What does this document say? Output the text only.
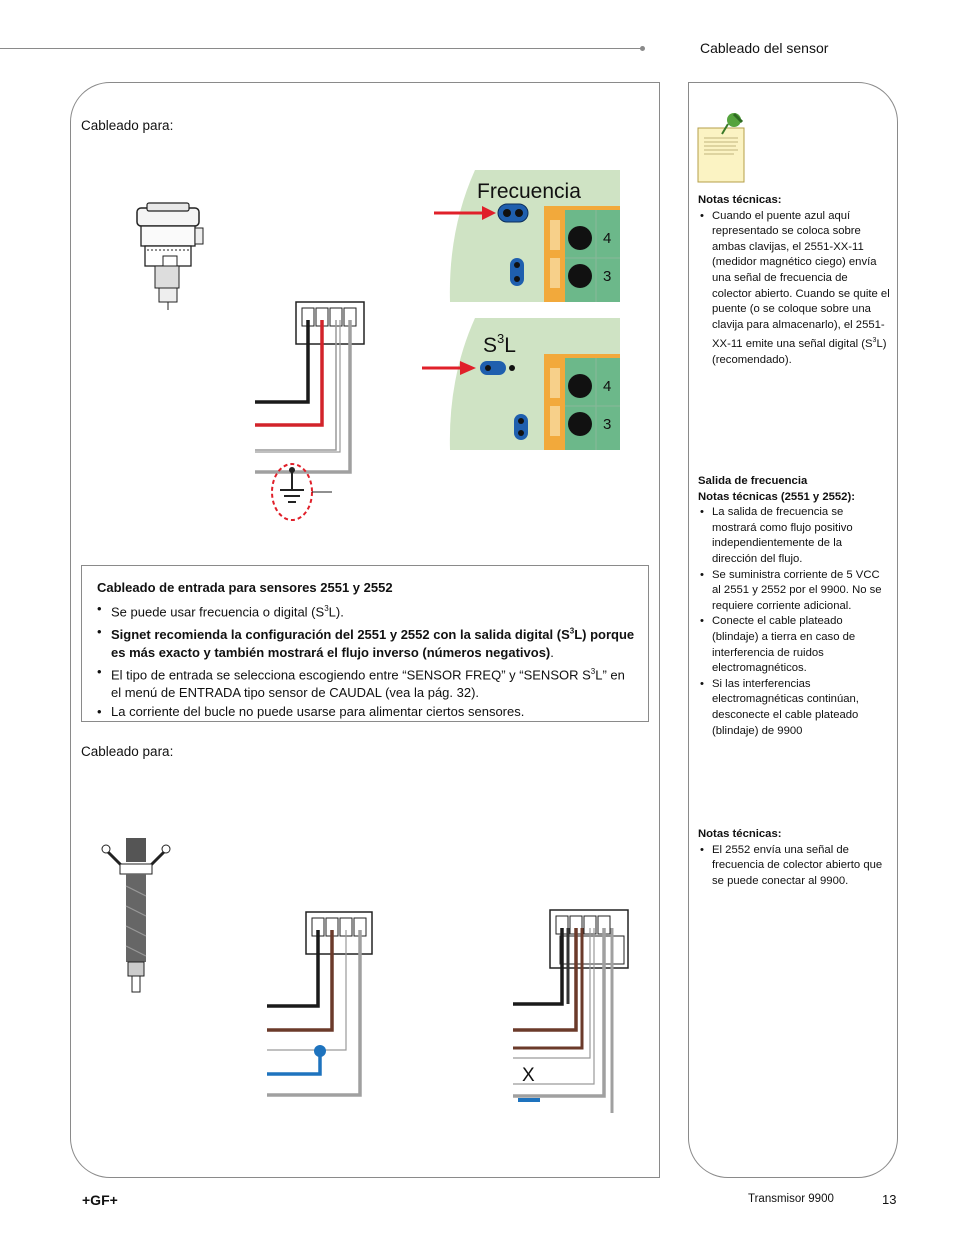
Cableado del sensor
Cableado para:
Frecuencia
4
3
$S^3L$
4
3
Cableado de entrada para sensores 2551 y 2552
• Se puede usar frecuencia o digital $(S^3L)$.
• Signet recomienda la configuración del 2551 y 2552 con la salida digital $(S^3L)$ porque es más exacto y también mostrará el flujo inverso (números negativos).
• El tipo de entrada se selecciona escogiendo entre “SENSOR FREQ” y “SENSOR $S^3L$” en el menú de ENTRADA tipo sensor de CAUDAL (vea la pág. 32).
• La corriente del bucle no puede usarse para alimentar ciertos sensores.
Cableado para:
X
Notas técnicas:
• Cuando el puente azul aquí representado se coloca sobre ambas clavijas, el 2551-XX-11 (medidor magnético ciego) envía una señal de frecuencia de colector abierto. Cuando se quite el puente (o se coloque sobre una clavija para almacenarlo), el 2551-XX-11 emite una señal digital $(S^3L)$ (recomendado).
Salida de frecuencia
Notas técnicas (2551 y 2552):
• La salida de frecuencia se mostrará como flujo positivo independientemente de la dirección del flujo.
• Se suministra corriente de 5 VCC al 2551 y 2552 por el 9900. No se requiere corriente adicional.
• Conecte el cable plateado (blindaje) a tierra en caso de interferencia de ruidos electromagnéticos.
• Si las interferencias electromagnéticas continúan, desconecte el cable plateado (blindaje) de 9900
Notas técnicas:
• El 2552 envía una señal de frecuencia de colector abierto que se puede conectar al 9900.
+GF+	Transmisor 9900	13
